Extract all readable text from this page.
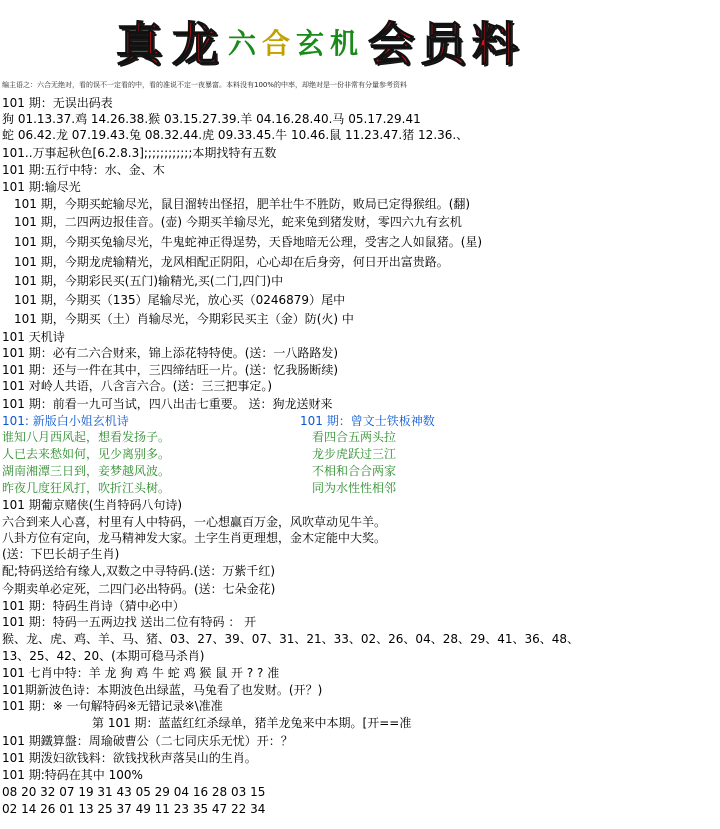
真 龙 六 合 玄 机 会 员 料
编主语之：六合无绝对，看的误不一定看的中，看的准说不定一夜暴富。本料没有100%的中率，却绝对是一份非常有分量参考资料
101 期：无误出码表
狗 01.13.37.鸡 14.26.38.猴 03.15.27.39.羊 04.16.28.40.马 05.17.29.41
蛇 06.42.龙 07.19.43.兔 08.32.44.虎 09.33.45.牛 10.46.鼠 11.23.47.猪 12.36.、
101..万事起秋色[6.2.8.3];;;;;;;;;;;;本期找特有五数
101 期:五行中特：水、金、木
101 期:输尽光
101 期，今期买蛇输尽光，鼠目溜转出怪招，肥羊壮牛不胜防，败局已定得猴组。(翻)
101 期，二四两边报佳音。(壶) 今期买羊输尽光，蛇来兔到猪发财，零四六九有玄机
101 期，今期买兔输尽光，牛鬼蛇神正得逞势，天昏地暗无公理，受害之人如鼠猪。(星)
101 期，今期龙虎输精光，龙风相配正阴阳，心心却在后身旁，何日开出富贵路。
101 期，今期彩民买(五门)输精光,买(二门,四门)中
101 期，今期买（135）尾输尽光，放心买（0246879）尾中
101 期，今期买（土）肖输尽光，今期彩民买主（金）防(火) 中
101 天机诗
101 期：必有二六合财来，锦上添花特特使。(送：一八路路发)
101 期：还与一件在其中，三四缔结旺一片。(送：忆我肠断续)
101 对岭人共语，八含言六合。(送：三三把事定。)
101 期：前看一九可当试，四八出击七重要。 送：狗龙送财来
101: 新版白小姐玄机诗	101 期：曾文士铁板神数
谁知八月西风起，想看发扬子。
人已去来愁如何，见少离别多。
湖南湘潭三日到，妾梦越风波。
昨夜几度狂风打，吹折江头树。
看四合五两头拉
龙步虎跃过三江
不相和合合两家
同为水性性相邻
101 期葡京赌侠(生肖特码八句诗)
六合到来人心喜，村里有人中特码，一心想赢百万金，风吹草动见牛羊。
八卦方位有定向，龙马精神发大家。土字生肖更理想，金木定能中大奖。
(送：下巴长胡子生肖)
配;特码送给有缘人,双数之中寻特码.(送：万紫千红)
今期卖单必定死，二四门必出特码。(送：七朵金花)
101 期：特码生肖诗（猜中必中）
101 期：特码一五两边找 送出二位有特码 ： 开
猴、龙、虎、鸡、羊、马、猪、03、27、39、07、31、21、33、02、26、04、28、29、41、36、48、
13、25、42、20、(本期可稳马杀肖)
101 七肖中特：羊 龙 狗 鸡 牛 蛇 鸡 猴 鼠 开 ? ? 准
101期新波色诗：本期波色出绿蓝，马兔看了也发财。(开？)
101 期：※ 一句解特码※无错记录※\准准
第 101 期：蓝蓝红红杀绿单，猪羊龙兔来中本期。[开==准
101 期鐵算盤：周瑜破曹公（二七同庆乐无忧）开：？
101 期泼妇欲钱料：欲钱找秋声落吴山的生肖。
101 期:特码在其中 100%
08 20 32 07 19 31 43 05 29 04 16 28 03 15
02 14 26 01 13 25 37 49 11 23 35 47 22 34
